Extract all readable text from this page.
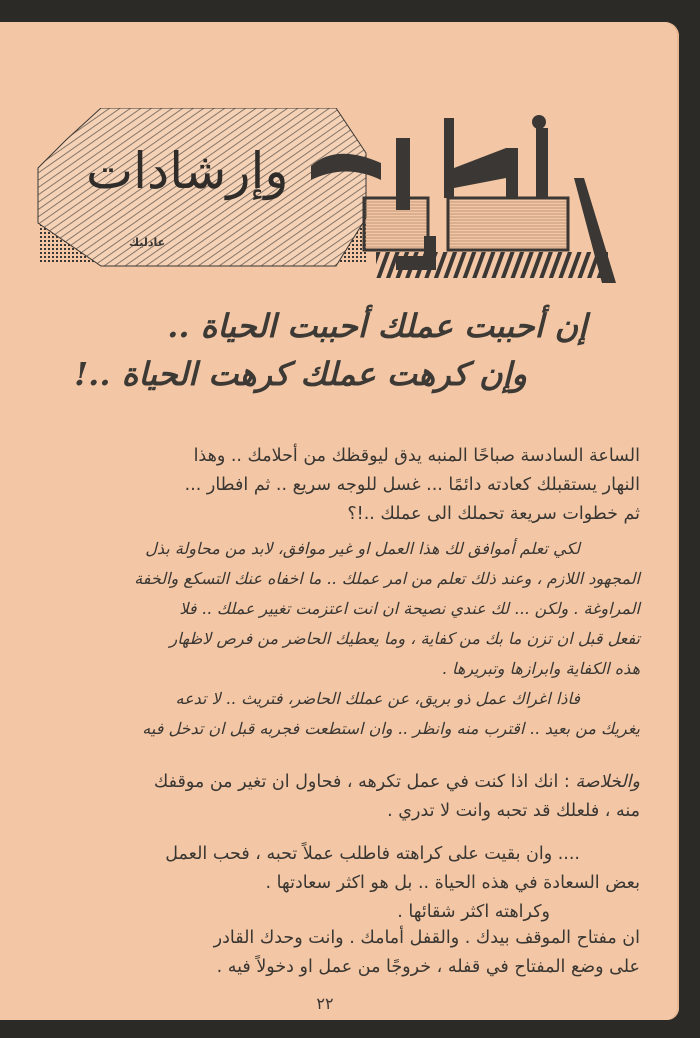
وإرشادات
عادليك
إن أحببت عملك أحببت الحياة ..
وإن كرهت عملك كرهت الحياة ..!
الساعة السادسة صباحًا المنبه يدق ليوقظك من أحلامك .. وهذا
النهار يستقبلك كعادته دائمًا ... غسل للوجه سريع .. ثم افطار ...
ثم خطوات سريعة تحملك الى عملك ..!؟
لكي تعلم أموافق لك هذا العمل او غير موافق، لابد من محاولة بذل
المجهود اللازم ، وعند ذلك تعلم من امر عملك .. ما اخفاه عنك التسكع والخفة
المراوغة . ولكن ... لك عندي نصيحة ان انت اعتزمت تغيير عملك .. فلا
تفعل قبل ان تزن ما بك من كفاية ، وما يعطيك الحاضر من فرص لاظهار
هذه الكفاية وابرازها وتبريرها .
فاذا اغراك عمل ذو بريق، عن عملك الحاضر، فتريث .. لا تدعه
يغريك من بعيد .. اقترب منه وانظر .. وان استطعت فجربه قبل ان تدخل فيه
والخلاصة : انك اذا كنت في عمل تكرهه ، فحاول ان تغير من موقفك
منه ، فلعلك قد تحبه وانت لا تدري .
.... وان بقيت على كراهته فاطلب عملاً تحبه ، فحب العمل
بعض السعادة في هذه الحياة .. بل هو اكثر سعادتها .
وكراهته اكثر شقائها .
ان مفتاح الموقف بيدك . والقفل أمامك . وانت وحدك القادر
على وضع المفتاح في قفله ، خروجًا من عمل او دخولاً فيه .
٢٢
